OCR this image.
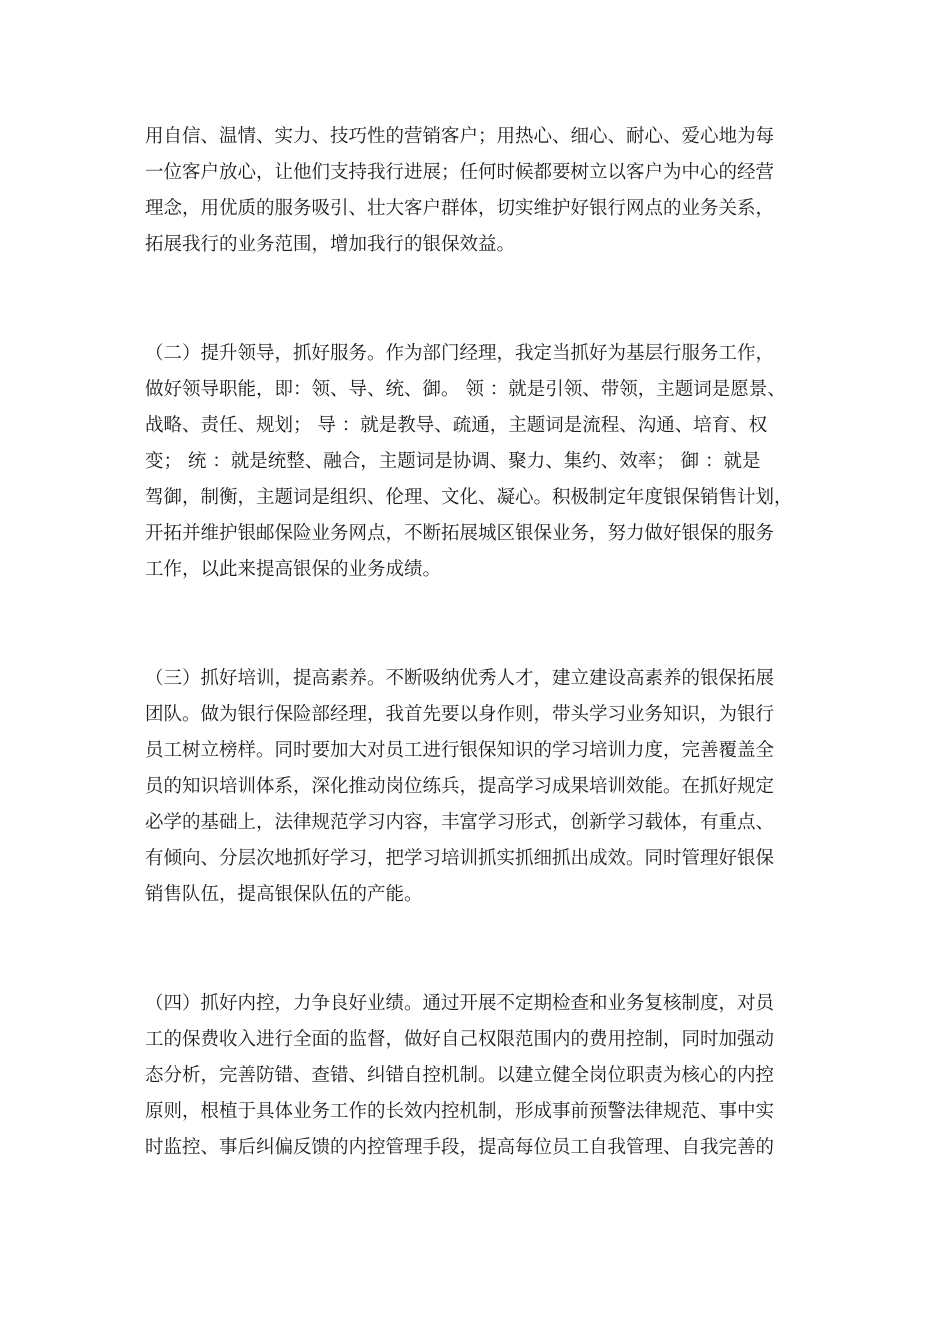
用自信、温情、实力、技巧性的营销客户；用热心、细心、耐心、爱心地为每
一位客户放心，让他们支持我行进展；任何时候都要树立以客户为中心的经营
理念，用优质的服务吸引、壮大客户群体，切实维护好银行网点的业务关系，
拓展我行的业务范围，增加我行的银保效益。
（二）提升领导，抓好服务。作为部门经理，我定当抓好为基层行服务工作，
做好领导职能，即：领、导、统、御。 领 ：就是引领、带领，主题词是愿景、
战略、责任、规划； 导 ：就是教导、疏通，主题词是流程、沟通、培育、权
变； 统 ：就是统整、融合，主题词是协调、聚力、集约、效率； 御 ：就是
驾御，制衡，主题词是组织、伦理、文化、凝心。积极制定年度银保销售计划，
开拓并维护银邮保险业务网点，不断拓展城区银保业务，努力做好银保的服务
工作，以此来提高银保的业务成绩。
（三）抓好培训，提高素养。不断吸纳优秀人才，建立建设高素养的银保拓展
团队。做为银行保险部经理，我首先要以身作则，带头学习业务知识，为银行
员工树立榜样。同时要加大对员工进行银保知识的学习培训力度，完善覆盖全
员的知识培训体系，深化推动岗位练兵，提高学习成果培训效能。在抓好规定
必学的基础上，法律规范学习内容，丰富学习形式，创新学习载体，有重点、
有倾向、分层次地抓好学习，把学习培训抓实抓细抓出成效。同时管理好银保
销售队伍，提高银保队伍的产能。
（四）抓好内控，力争良好业绩。通过开展不定期检查和业务复核制度，对员
工的保费收入进行全面的监督，做好自己权限范围内的费用控制，同时加强动
态分析，完善防错、查错、纠错自控机制。以建立健全岗位职责为核心的内控
原则，根植于具体业务工作的长效内控机制，形成事前预警法律规范、事中实
时监控、事后纠偏反馈的内控管理手段，提高每位员工自我管理、自我完善的
